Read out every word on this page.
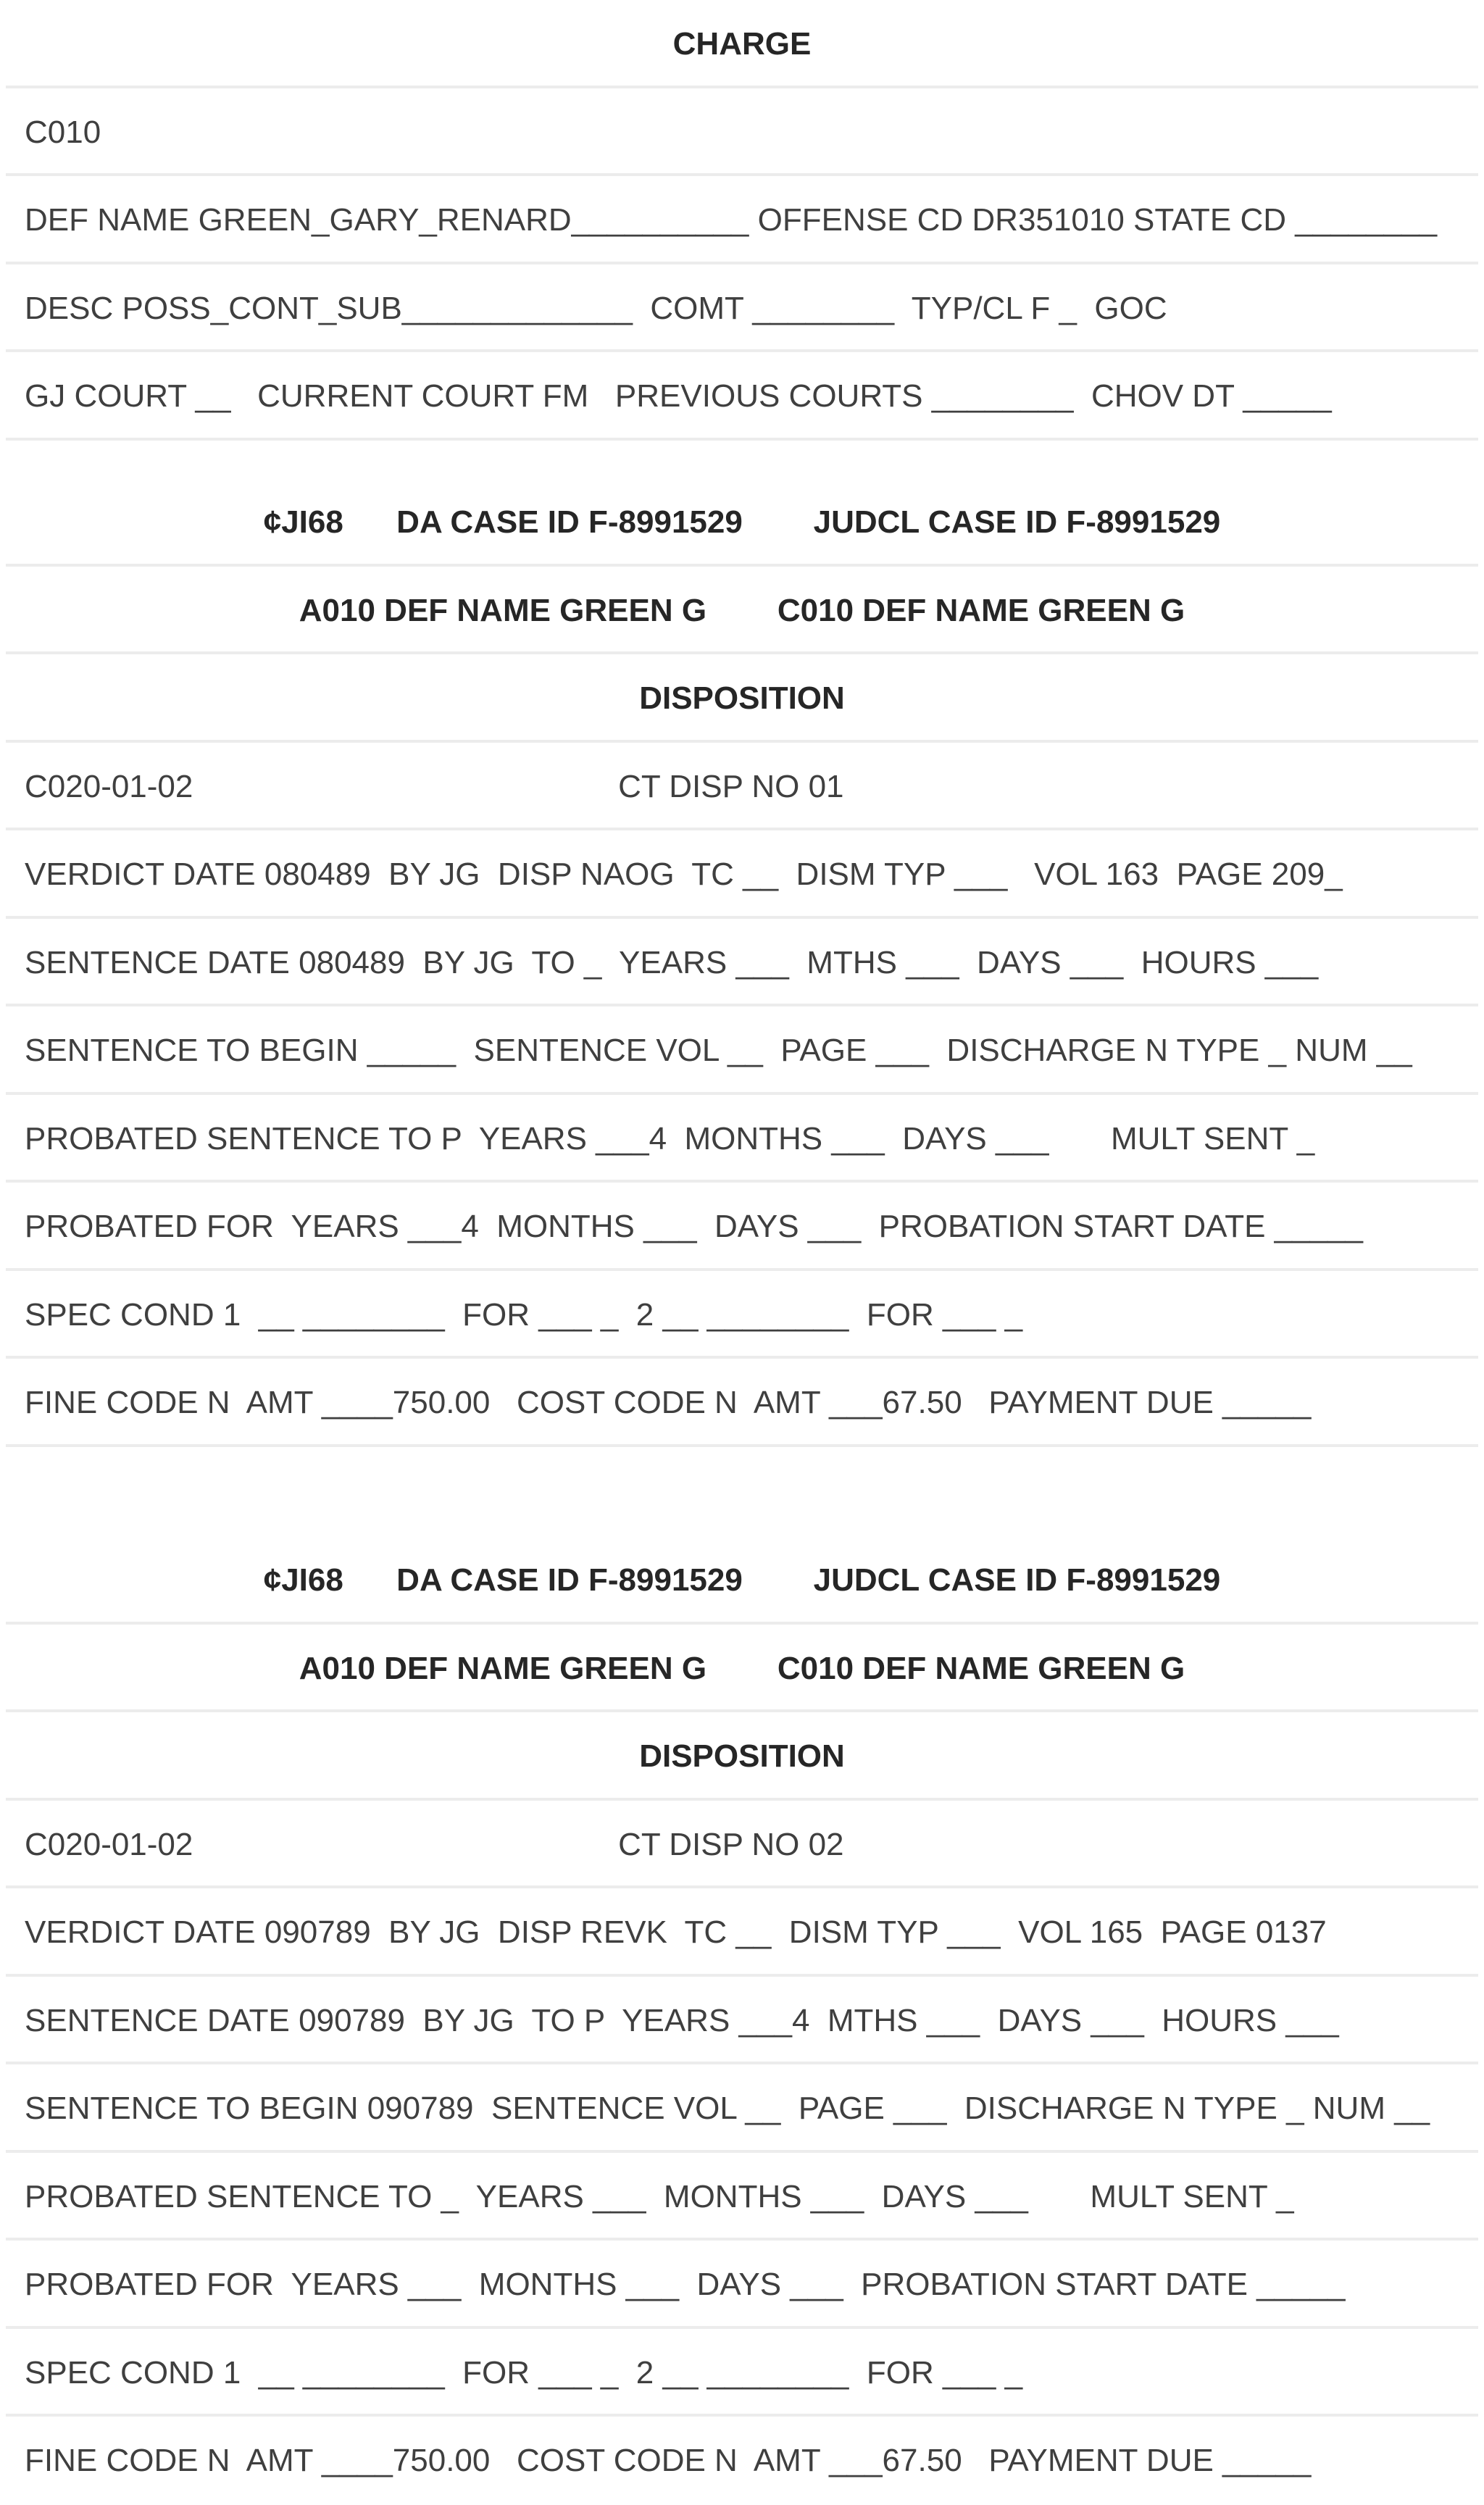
CHARGE
C010
DEF NAME GREEN_GARY_RENARD__________ OFFENSE CD DR351010 STATE CD ________
DESC POSS_CONT_SUB_____________  COMT ________  TYP/CL F _  GOC
GJ COURT __   CURRENT COURT FM   PREVIOUS COURTS ________  CHOV DT _____
¢JI68      DA CASE ID F-8991529        JUDCL CASE ID F-8991529
A010 DEF NAME GREEN G        C010 DEF NAME GREEN G
DISPOSITION
C020-01-02                                                CT DISP NO 01
VERDICT DATE 080489  BY JG  DISP NAOG  TC __  DISM TYP ___   VOL 163  PAGE 209_
SENTENCE DATE 080489  BY JG  TO _  YEARS ___  MTHS ___  DAYS ___  HOURS ___
SENTENCE TO BEGIN _____  SENTENCE VOL __  PAGE ___  DISCHARGE N TYPE _ NUM __
PROBATED SENTENCE TO P  YEARS ___4  MONTHS ___  DAYS ___       MULT SENT _
PROBATED FOR  YEARS ___4  MONTHS ___  DAYS ___  PROBATION START DATE _____
SPEC COND 1  __ ________  FOR ___ _  2 __ ________  FOR ___ _
FINE CODE N  AMT ____750.00   COST CODE N  AMT ___67.50   PAYMENT DUE _____
¢JI68      DA CASE ID F-8991529        JUDCL CASE ID F-8991529
A010 DEF NAME GREEN G        C010 DEF NAME GREEN G
DISPOSITION
C020-01-02                                                CT DISP NO 02
VERDICT DATE 090789  BY JG  DISP REVK  TC __  DISM TYP ___  VOL 165  PAGE 0137
SENTENCE DATE 090789  BY JG  TO P  YEARS ___4  MTHS ___  DAYS ___  HOURS ___
SENTENCE TO BEGIN 090789  SENTENCE VOL __  PAGE ___  DISCHARGE N TYPE _ NUM __
PROBATED SENTENCE TO _  YEARS ___  MONTHS ___  DAYS ___       MULT SENT _
PROBATED FOR  YEARS ___  MONTHS ___  DAYS ___  PROBATION START DATE _____
SPEC COND 1  __ ________  FOR ___ _  2 __ ________  FOR ___ _
FINE CODE N  AMT ____750.00   COST CODE N  AMT ___67.50   PAYMENT DUE _____
